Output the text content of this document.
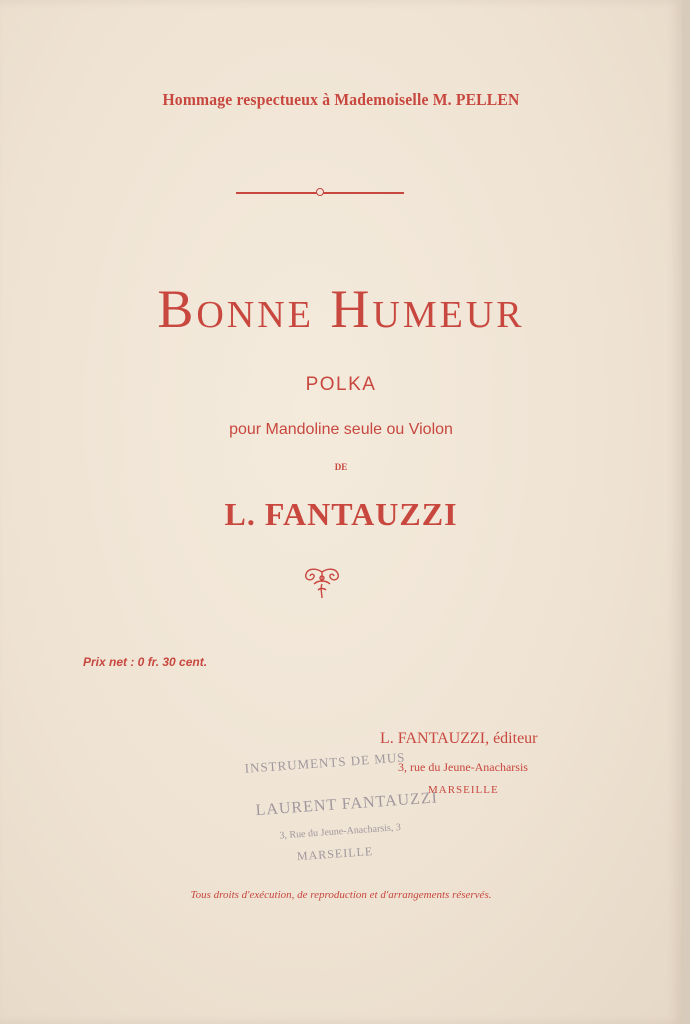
Hommage respectueux à Mademoiselle M. PELLEN
Bonne Humeur
POLKA
pour Mandoline seule ou Violon
DE
L. FANTAUZZI
Prix net : 0 fr. 30 cent.
INSTRUMENTS DE MUS
LAURENT FANTAUZZI
3, Rue du Jeune-Anacharsis, 3
MARSEILLE
L. FANTAUZZI, éditeur
3, rue du Jeune-Anacharsis
MARSEILLE
Tous droits d'exécution, de reproduction et d'arrangements réservés.
